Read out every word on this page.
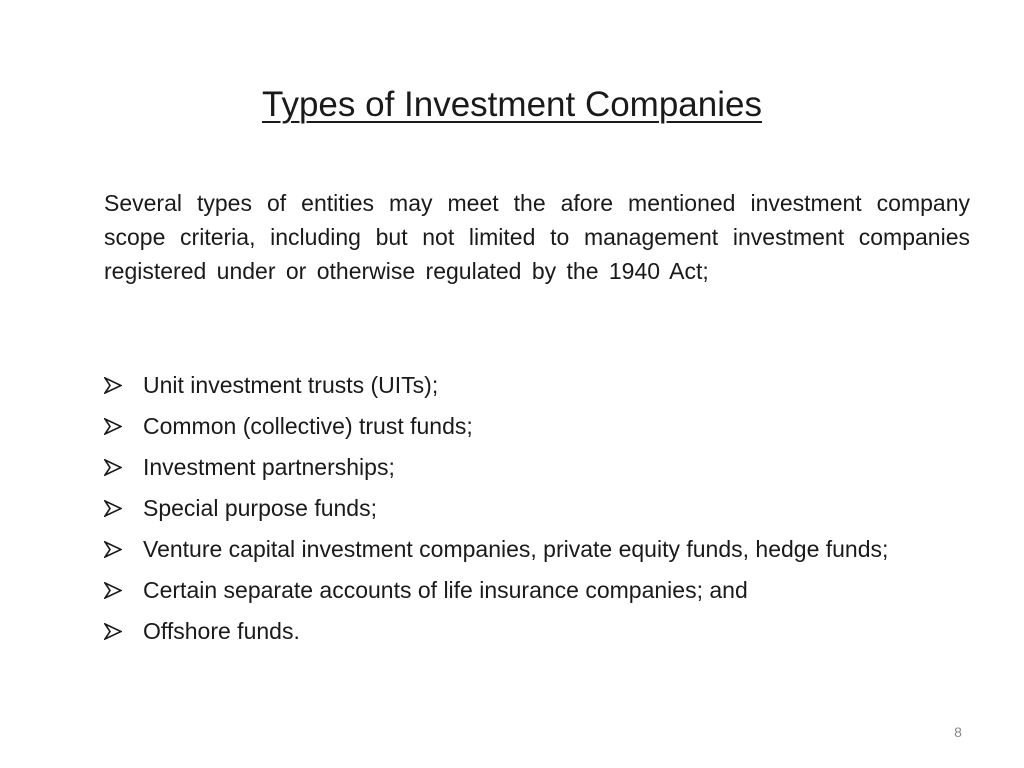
Types of Investment Companies

Several types of entities may meet the afore mentioned investment company scope criteria, including but not limited to management investment companies registered under or otherwise regulated by the 1940 Act;

Unit investment trusts (UITs);
Common (collective) trust funds;
Investment partnerships;
Special purpose funds;
Venture capital investment companies, private equity funds, hedge funds;
Certain separate accounts of life insurance companies; and
Offshore funds.
8
